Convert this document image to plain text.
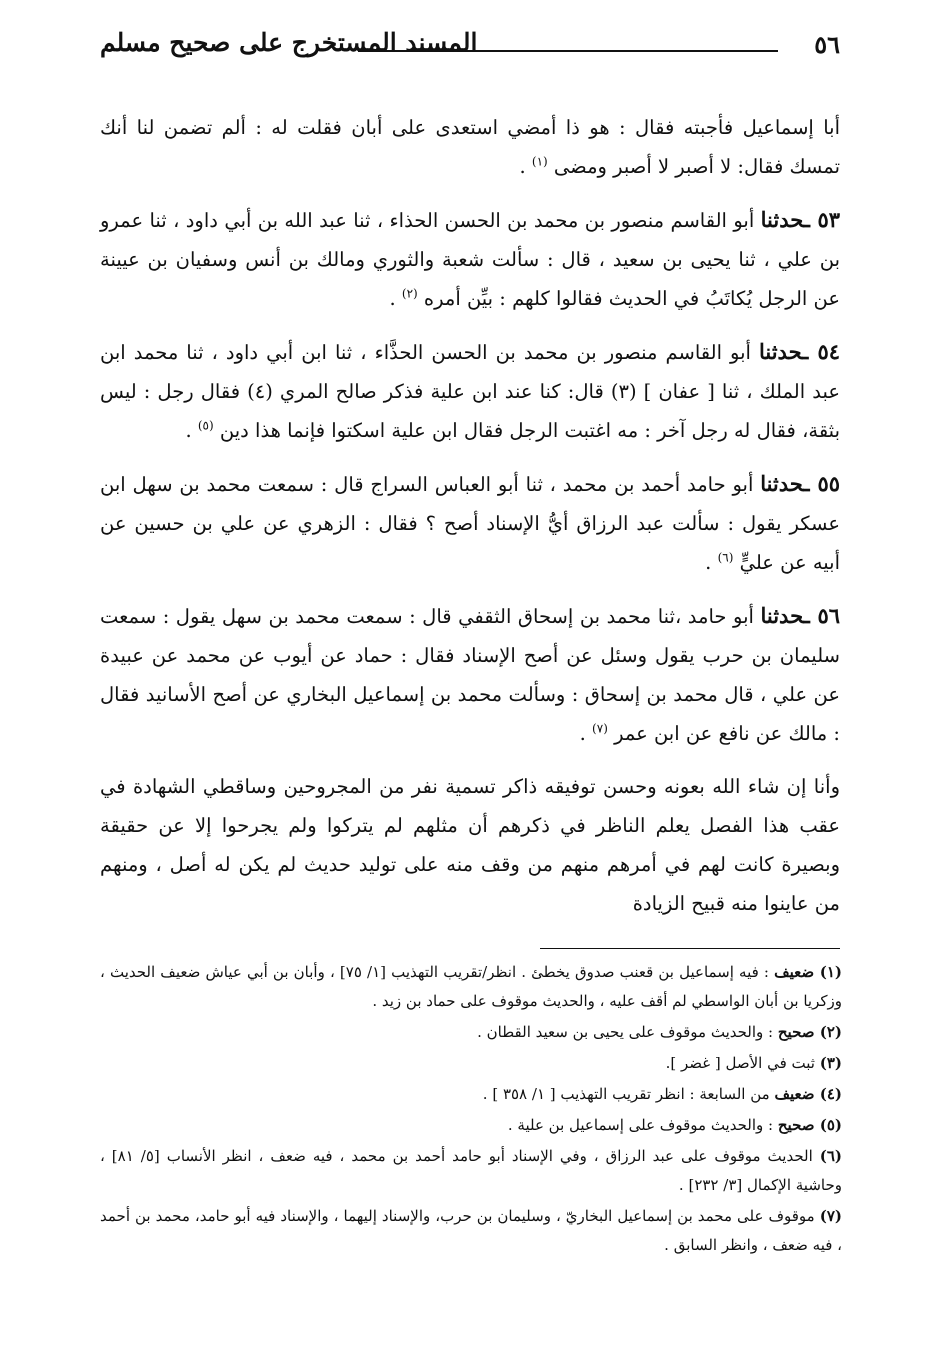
٥٦
المسند المستخرج على صحيح مسلم

أبا إسماعيل فأجبته فقال : هو ذا أمضي استعدى على أبان فقلت له : ألم تضمن لنا أنك تمسك فقال: لا أصبر لا أصبر ومضى $^{(١)}$ .

٥٣ ـحدثنا أبو القاسم منصور بن محمد بن الحسن الحذاء ، ثنا عبد الله بن أبي داود ، ثنا عمرو بن علي ، ثنا يحيى بن سعيد ، قال : سألت شعبة والثوري ومالك بن أنس وسفيان بن عيينة عن الرجل يُكاتَبُ في الحديث فقالوا كلهم : بيِّن أمره $^{(٢)}$ .

٥٤ ـحدثنا أبو القاسم منصور بن محمد بن الحسن الحذَّاء ، ثنا ابن أبي داود ، ثنا محمد ابن عبد الملك ، ثنا [ عفان ] (٣) قال: كنا عند ابن علية فذكر صالح المري (٤) فقال رجل : ليس بثقة، فقال له رجل آخر : مه اغتبت الرجل فقال ابن علية اسكتوا فإنما هذا دين $^{(٥)}$ .

٥٥ ـحدثنا أبو حامد أحمد بن محمد ، ثنا أبو العباس السراج قال : سمعت محمد بن سهل ابن عسكر يقول : سألت عبد الرزاق أيُّ الإسناد أصح ؟ فقال : الزهري عن علي بن حسين عن أبيه عن عليٍّ $^{(٦)}$ .

٥٦ ـحدثنا أبو حامد ،ثنا محمد بن إسحاق الثقفي قال : سمعت محمد بن سهل يقول : سمعت سليمان بن حرب يقول وسئل عن أصح الإسناد فقال : حماد عن أيوب عن محمد عن عبيدة عن علي ، قال محمد بن إسحاق : وسألت محمد بن إسماعيل البخاري عن أصح الأسانيد فقال : مالك عن نافع عن ابن عمر $^{(٧)}$ .

وأنا إن شاء الله بعونه وحسن توفيقه ذاكر تسمية نفر من المجروحين وساقطي الشهادة في عقب هذا الفصل يعلم الناظر في ذكرهم أن مثلهم لم يتركوا ولم يجرحوا إلا عن حقيقة وبصيرة كانت لهم في أمرهم منهم من وقف منه على توليد حديث لم يكن له أصل ، ومنهم من عاينوا منه قبيح الزيادة

(١) ضعيف : فيه إسماعيل بن قعنب صدوق يخطئ . انظر/تقريب التهذيب [١/ ٧٥] ، وأبان بن أبي عياش ضعيف الحديث ، وزكريا بن أبان الواسطي لم أقف عليه ، والحديث موقوف على حماد بن زيد .

(٢) صحيح : والحديث موقوف على يحيى بن سعيد القطان .

(٣) ثبت في الأصل [ غضر ].

(٤) ضعيف من السابعة : انظر تقريب التهذيب [ ١/ ٣٥٨ ] .

(٥) صحيح : والحديث موقوف على إسماعيل بن علية .

(٦) الحديث موقوف على عبد الرزاق ، وفي الإسناد أبو حامد أحمد بن محمد ، فيه ضعف ، انظر الأنساب [٥/ ٨١] ، وحاشية الإكمال [٣/ ٢٣٢] .

(٧) موقوف على محمد بن إسماعيل البخاريّ ، وسليمان بن حرب، والإسناد إليهما ، والإسناد فيه أبو حامد، محمد بن أحمد ، فيه ضعف ، وانظر السابق .
